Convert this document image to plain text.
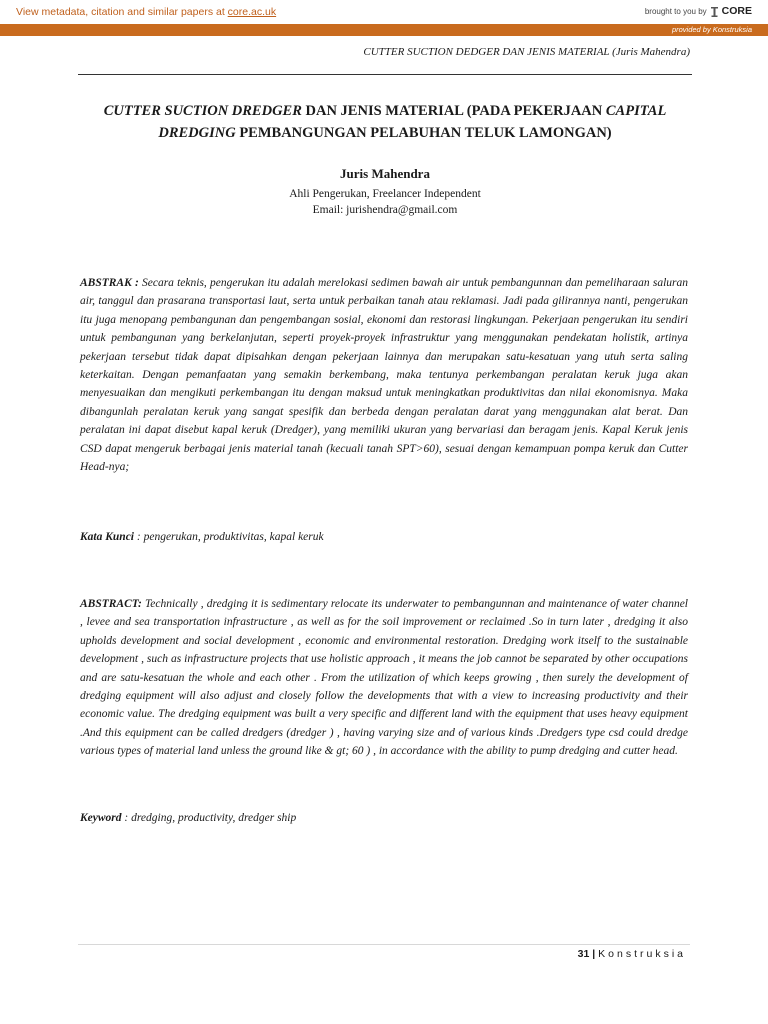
View metadata, citation and similar papers at core.ac.uk	brought to you by CORE
provided by Konstruksia
CUTTER SUCTION DEDGER DAN JENIS MATERIAL (Juris Mahendra)
CUTTER SUCTION DREDGER DAN JENIS MATERIAL (PADA PEKERJAAN CAPITAL DREDGING PEMBANGUNGAN PELABUHAN TELUK LAMONGAN)
Juris Mahendra
Ahli Pengerukan, Freelancer Independent
Email: jurishendra@gmail.com
ABSTRAK : Secara teknis, pengerukan itu adalah merelokasi sedimen bawah air untuk pembangunnan dan pemeliharaan saluran air, tanggul dan prasarana transportasi laut, serta untuk perbaikan tanah atau reklamasi. Jadi pada gilirannya nanti, pengerukan itu juga menopang pembangunan dan pengembangan sosial, ekonomi dan restorasi lingkungan. Pekerjaan pengerukan itu sendiri untuk pembangunan yang berkelanjutan, seperti proyek-proyek infrastruktur yang menggunakan pendekatan holistik, artinya pekerjaan tersebut tidak dapat dipisahkan dengan pekerjaan lainnya dan merupakan satu-kesatuan yang utuh serta saling keterkaitan. Dengan pemanfaatan yang semakin berkembang, maka tentunya perkembangan peralatan keruk juga akan menyesuaikan dan mengikuti perkembangan itu dengan maksud untuk meningkatkan produktivitas dan nilai ekonomisnya. Maka dibangunlah peralatan keruk yang sangat spesifik dan berbeda dengan peralatan darat yang menggunakan alat berat. Dan peralatan ini dapat disebut kapal keruk (Dredger), yang memiliki ukuran yang bervariasi dan beragam jenis. Kapal Keruk jenis CSD dapat mengeruk berbagai jenis material tanah (kecuali tanah SPT>60), sesuai dengan kemampuan pompa keruk dan Cutter Head-nya;
Kata Kunci : pengerukan, produktivitas, kapal keruk
ABSTRACT: Technically , dredging it is sedimentary relocate its underwater to pembangunnan and maintenance of water channel , levee and sea transportation infrastructure , as well as for the soil improvement or reclaimed .So in turn later , dredging it also upholds development and social development , economic and environmental restoration. Dredging work itself to the sustainable development , such as infrastructure projects that use holistic approach , it means the job cannot be separated by other occupations and are satu-kesatuan the whole and each other . From the utilization of which keeps growing , then surely the development of dredging equipment will also adjust and closely follow the developments that with a view to increasing productivity and their economic value. The dredging equipment was built a very specific and different land with the equipment that uses heavy equipment .And this equipment can be called dredgers (dredger ) , having varying size and of various kinds .Dredgers type csd could dredge various types of material land unless the ground like & gt; 60 ) , in accordance with the ability to pump dredging and cutter head.
Keyword : dredging, productivity, dredger ship
31 | Konstruksia
